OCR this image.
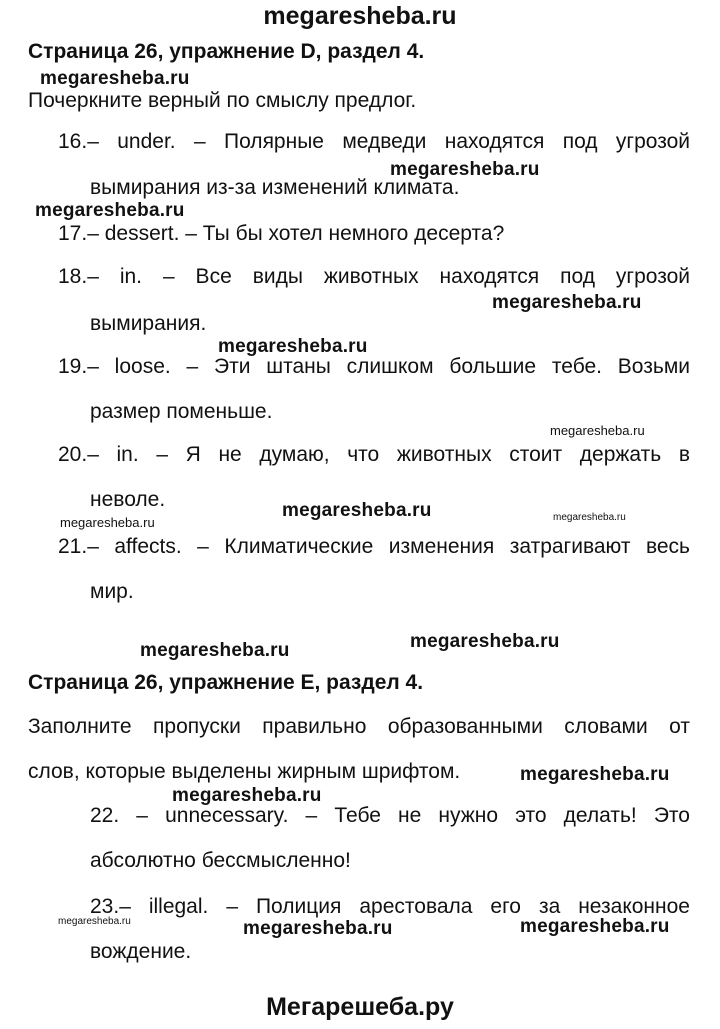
megaresheba.ru
Страница 26, упражнение D, раздел 4.
megaresheba.ru
Почеркните верный по смыслу предлог.
16.– under. – Полярные медведи находятся под угрозой
megaresheba.ru
вымирания из-за изменений климата.
megaresheba.ru
17.– dessert. – Ты бы хотел немного десерта?
18.– in. – Все виды животных находятся под угрозой
megaresheba.ru
вымирания.
megaresheba.ru
19.– loose. – Эти штаны слишком большие тебе. Возьми
размер поменьше.
megaresheba.ru
20.– in. – Я не думаю, что животных стоит держать в
неволе.	megaresheba.ru
megaresheba.ru	megaresheba.ru
21.– affects. – Климатические изменения затрагивают весь
мир.
megaresheba.ru
megaresheba.ru
Страница 26, упражнение E, раздел 4.
Заполните пропуски правильно образованными словами от
слов, которые выделены жирным шрифтом.	megaresheba.ru
megaresheba.ru
22. – unnecessary. – Тебе не нужно это делать! Это
абсолютно бессмысленно!
23.– illegal. – Полиция арестовала его за незаконное
megaresheba.ru	megaresheba.ru	megaresheba.ru
вождение.
Мегарешеба.ру
